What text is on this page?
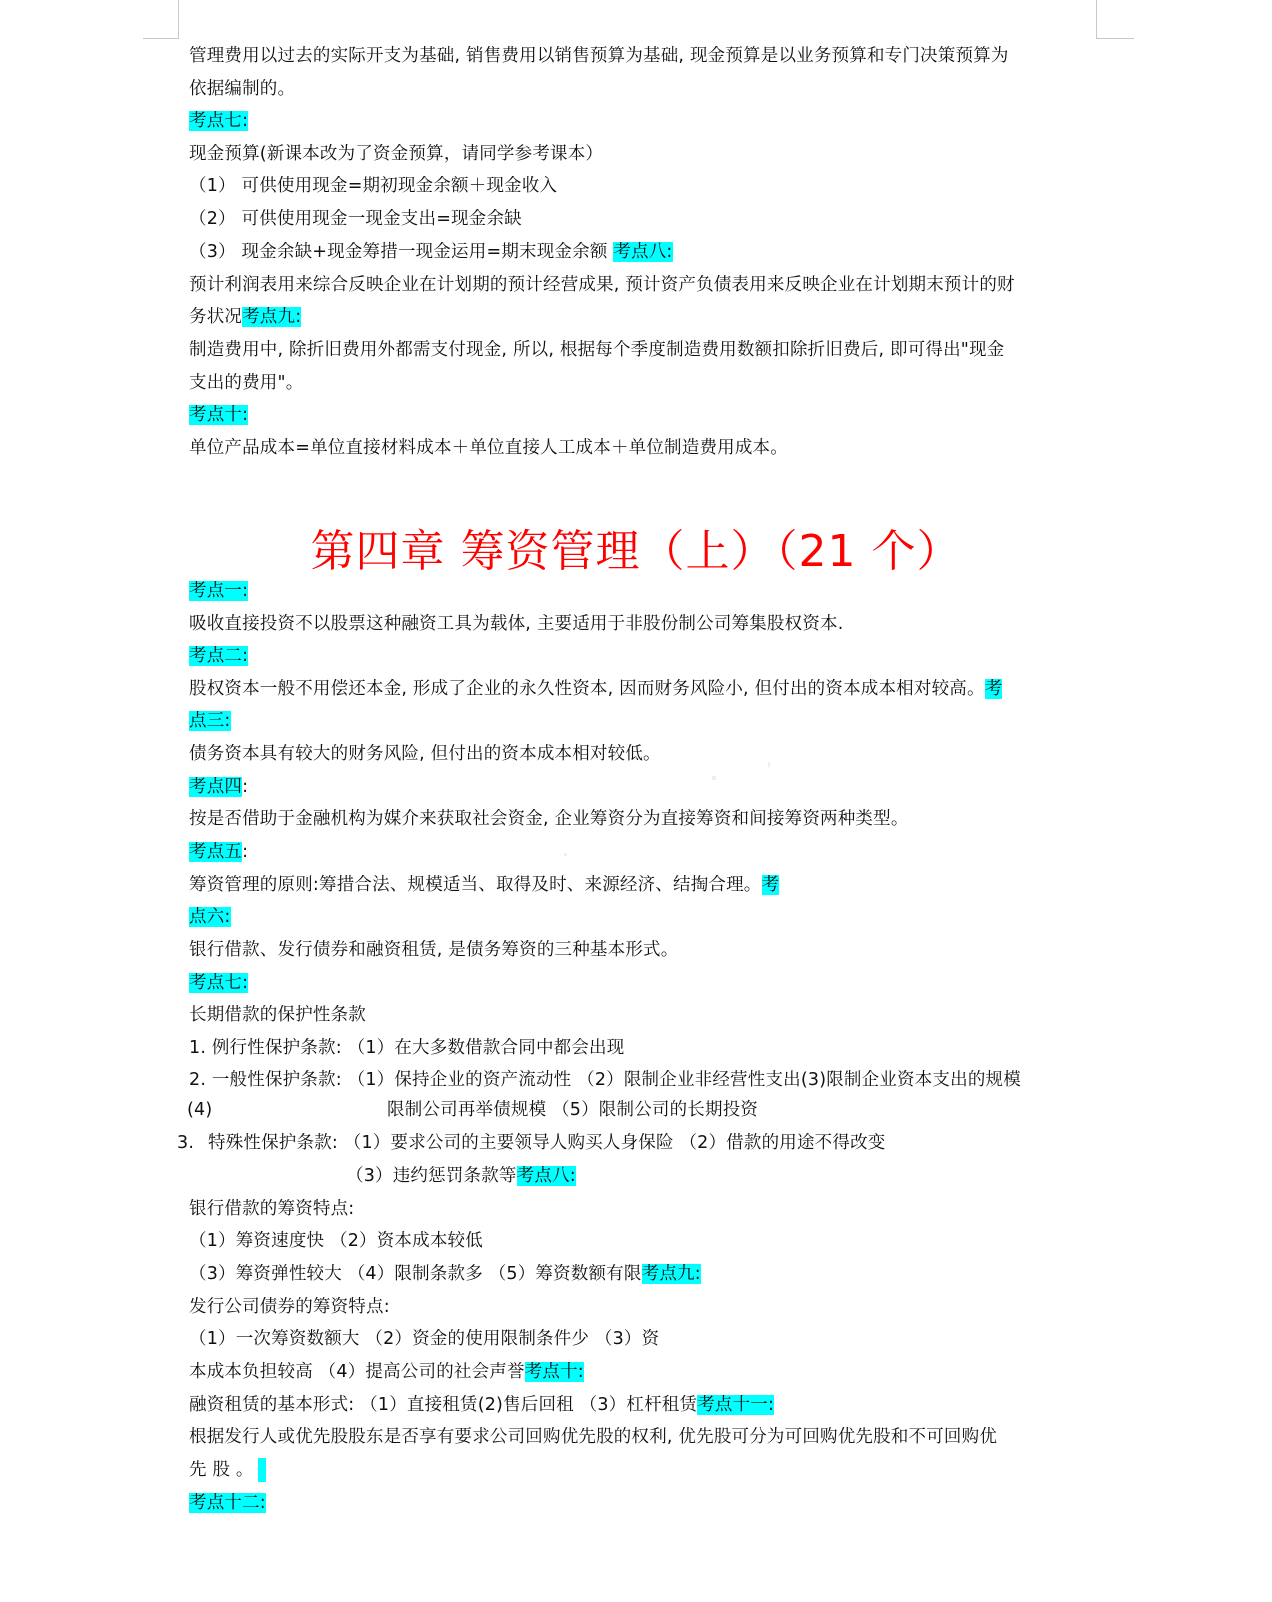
管理费用以过去的实际开支为基础, 销售费用以销售预算为基础, 现金预算是以业务预算和专门决策预算为
依据编制的。
考点七:
现金预算(新课本改为了资金预算，请同学参考课本）
（1） 可供使用现金=期初现金余额＋现金收入
（2） 可供使用现金一现金支出=现金余缺
（3） 现金余缺+现金筹措一现金运用=期末现金余额 考点八:
预计利润表用来综合反映企业在计划期的预计经营成果, 预计资产负债表用来反映企业在计划期末预计的财
务状况考点九:
制造费用中, 除折旧费用外都需支付现金, 所以, 根据每个季度制造费用数额扣除折旧费后, 即可得出"现金
支出的费用"。
考点十:
单位产品成本=单位直接材料成本＋单位直接人工成本＋单位制造费用成本。
第四章 筹资管理（上）（21 个）
考点一:
吸收直接投资不以股票这种融资工具为载体, 主要适用于非股份制公司筹集股权资本.
考点二:
股权资本一般不用偿还本金, 形成了企业的永久性资本, 因而财务风险小, 但付出的资本成本相对较高。考
点三:
债务资本具有较大的财务风险, 但付出的资本成本相对较低。
考点四:
按是否借助于金融机构为媒介来获取社会资金, 企业筹资分为直接筹资和间接筹资两种类型。
考点五:
筹资管理的原则:筹措合法、规模适当、取得及时、来源经济、结掏合理。考
点六:
银行借款、发行债券和融资租赁, 是债务筹资的三种基本形式。
考点七:
长期借款的保护性条款
1. 例行性保护条款: （1）在大多数借款合同中都会出现
2. 一般性保护条款: （1）保持企业的资产流动性 （2）限制企业非经营性支出(3)限制企业资本支出的规模
(4)	限制公司再举债规模 （5）限制公司的长期投资
3. 特殊性保护条款: （1）要求公司的主要领导人购买人身保险 （2）借款的用途不得改变
（3）违约惩罚条款等考点八:
银行借款的筹资特点:
（1）筹资速度快 （2）资本成本较低
（3）筹资弹性较大 （4）限制条款多 （5）筹资数额有限考点九:
发行公司债券的筹资特点:
（1）一次筹资数额大 （2）资金的使用限制条件少 （3）资
本成本负担较高 （4）提高公司的社会声誉考点十:
融资租赁的基本形式: （1）直接租赁(2)售后回租 （3）杠杆租赁考点十一:
根据发行人或优先股股东是否享有要求公司回购优先股的权利, 优先股可分为可回购优先股和不可回购优
先 股 。
考点十二:
